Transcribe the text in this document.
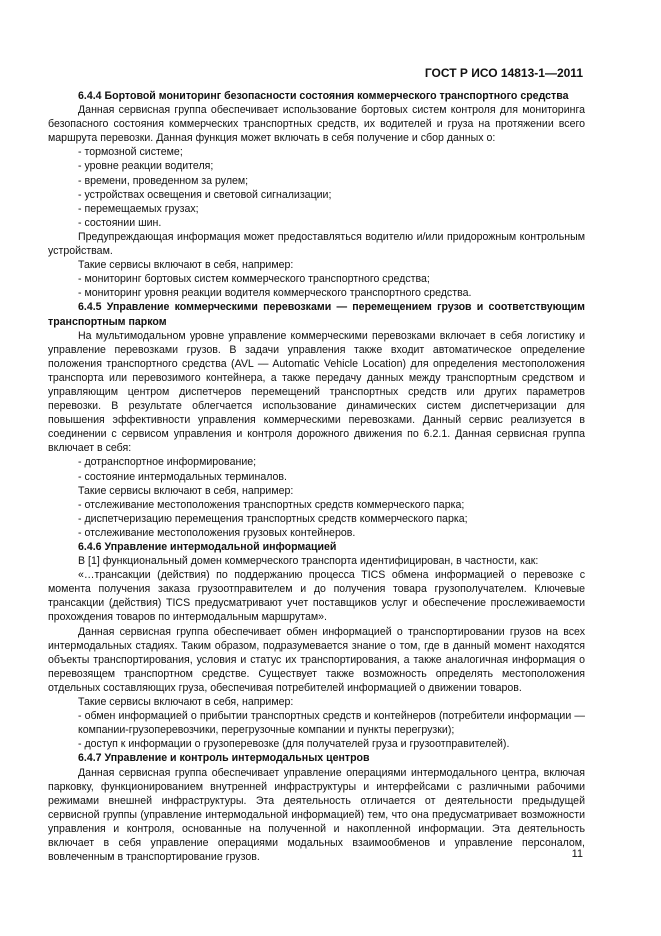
ГОСТ Р ИСО 14813-1—2011

6.4.4 Бортовой мониторинг безопасности состояния коммерческого транспортного средства

Данная сервисная группа обеспечивает использование бортовых систем контроля для мониторинга безопасного состояния коммерческих транспортных средств, их водителей и груза на протяжении всего маршрута перевозки. Данная функция может включать в себя получение и сбор данных о:

- тормозной системе;

- уровне реакции водителя;

- времени, проведенном за рулем;

- устройствах освещения и световой сигнализации;

- перемещаемых грузах;

- состоянии шин.

Предупреждающая информация может предоставляться водителю и/или придорожным контрольным устройствам.

Такие сервисы включают в себя, например:

- мониторинг бортовых систем коммерческого транспортного средства;

- мониторинг уровня реакции водителя коммерческого транспортного средства.

6.4.5 Управление коммерческими перевозками — перемещением грузов и соответствующим транспортным парком

На мультимодальном уровне управление коммерческими перевозками включает в себя логистику и управление перевозками грузов. В задачи управления также входит автоматическое определение положения транспортного средства (AVL — Automatic Vehicle Location) для определения местоположения транспорта или перевозимого контейнера, а также передачу данных между транспортным средством и управляющим центром диспетчеров перемещений транспортных средств или других параметров перевозки. В результате облегчается использование динамических систем диспетчеризации для повышения эффективности управления коммерческими перевозками. Данный сервис реализуется в соединении с сервисом управления и контроля дорожного движения по 6.2.1. Данная сервисная группа включает в себя:

- дотранспортное информирование;

- состояние интермодальных терминалов.

Такие сервисы включают в себя, например:

- отслеживание местоположения транспортных средств коммерческого парка;

- диспетчеризацию перемещения транспортных средств коммерческого парка;

- отслеживание местоположения грузовых контейнеров.

6.4.6 Управление интермодальной информацией

В [1] функциональный домен коммерческого транспорта идентифицирован, в частности, как:

«…трансакции (действия) по поддержанию процесса TICS обмена информацией о перевозке с момента получения заказа грузоотправителем и до получения товара грузополучателем. Ключевые трансакции (действия) TICS предусматривают учет поставщиков услуг и обеспечение прослеживаемости прохождения товаров по интермодальным маршрутам».

Данная сервисная группа обеспечивает обмен информацией о транспортировании грузов на всех интермодальных стадиях. Таким образом, подразумевается знание о том, где в данный момент находятся объекты транспортирования, условия и статус их транспортирования, а также аналогичная информация о перевозящем транспортном средстве. Существует также возможность определять местоположения отдельных составляющих груза, обеспечивая потребителей информацией о движении товаров.

Такие сервисы включают в себя, например:

- обмен информацией о прибытии транспортных средств и контейнеров (потребители информации — компании-грузоперевозчики, перегрузочные компании и пункты перегрузки);

- доступ к информации о грузоперевозке (для получателей груза и грузоотправителей).

6.4.7 Управление и контроль интермодальных центров

Данная сервисная группа обеспечивает управление операциями интермодального центра, включая парковку, функционированием внутренней инфраструктуры и интерфейсами с различными рабочими режимами внешней инфраструктуры. Эта деятельность отличается от деятельности предыдущей сервисной группы (управление интермодальной информацией) тем, что она предусматривает возможности управления и контроля, основанные на полученной и накопленной информации. Эта деятельность включает в себя управление операциями модальных взаимообменов и управление персоналом, вовлеченным в транспортирование грузов.	11
